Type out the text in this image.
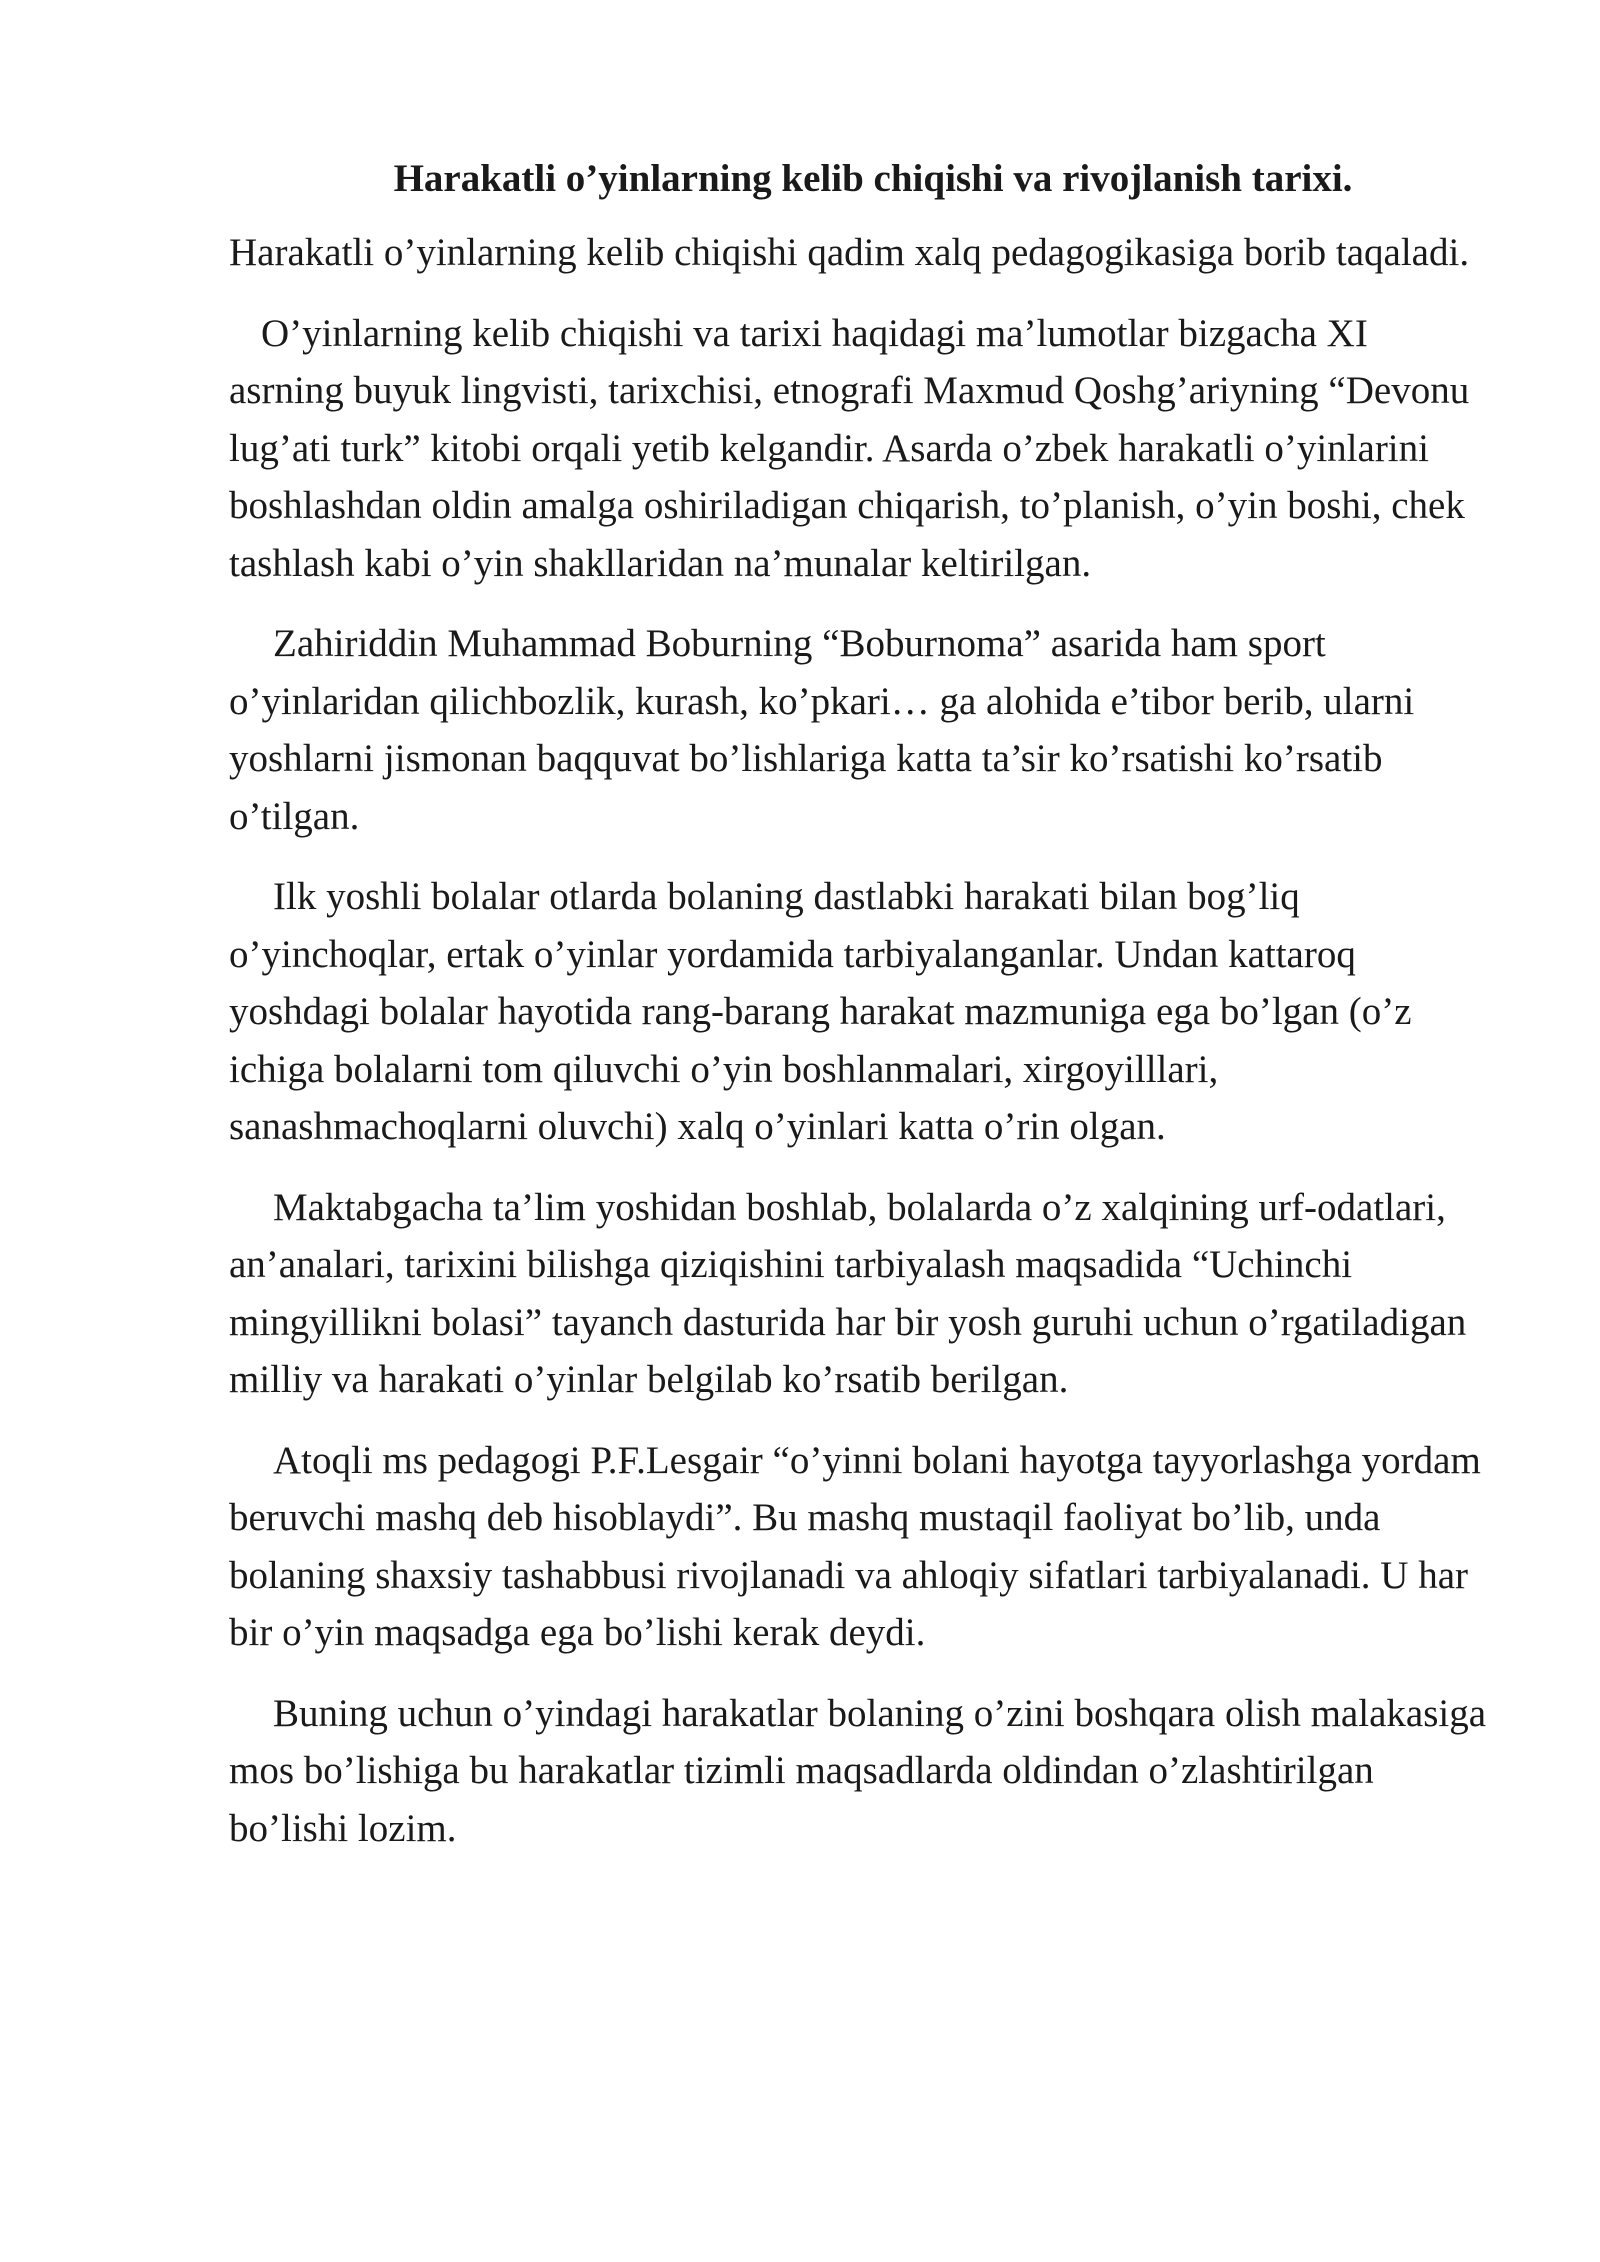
Harakatli o’yinlarning kelib chiqishi va rivojlanish tarixi.

Harakatli o’yinlarning kelib chiqishi qadim xalq pedagogikasiga borib taqaladi.

O’yinlarning kelib chiqishi va tarixi haqidagi ma’lumotlar bizgacha XI asrning buyuk lingvisti, tarixchisi, etnografi Maxmud Qoshg’ariyning “Devonu lug’ati turk” kitobi orqali yetib kelgandir. Asarda o’zbek harakatli o’yinlarini boshlashdan oldin amalga oshiriladigan chiqarish, to’planish, o’yin boshi, chek tashlash kabi o’yin shakllaridan na’munalar keltirilgan.

Zahiriddin Muhammad Boburning “Boburnoma” asarida ham sport o’yinlaridan qilichbozlik, kurash, ko’pkari… ga alohida e’tibor berib, ularni yoshlarni jismonan baqquvat bo’lishlariga katta ta’sir ko’rsatishi ko’rsatib o’tilgan.

Ilk yoshli bolalar otlarda bolaning dastlabki harakati bilan bog’liq o’yinchoqlar, ertak o’yinlar yordamida tarbiyalanganlar. Undan kattaroq yoshdagi bolalar hayotida rang-barang harakat mazmuniga ega bo’lgan (o’z ichiga bolalarni tom qiluvchi o’yin boshlanmalari, xirgoyilllari, sanashmachoqlarni oluvchi) xalq o’yinlari katta o’rin olgan.

Maktabgacha ta’lim yoshidan boshlab, bolalarda o’z xalqining urf-odatlari, an’analari, tarixini bilishga qiziqishini tarbiyalash maqsadida “Uchinchi mingyillikni bolasi” tayanch dasturida har bir yosh guruhi uchun o’rgatiladigan milliy va harakati o’yinlar belgilab ko’rsatib berilgan.

Atoqli ms pedagogi P.F.Lesgair “o’yinni bolani hayotga tayyorlashga yordam beruvchi mashq deb hisoblaydi”. Bu mashq mustaqil faoliyat bo’lib, unda bolaning shaxsiy tashabbusi rivojlanadi va ahloqiy sifatlari tarbiyalanadi. U har bir o’yin maqsadga ega bo’lishi kerak deydi.

Buning uchun o’yindagi harakatlar bolaning o’zini boshqara olish malakasiga mos bo’lishiga bu harakatlar tizimli maqsadlarda oldindan o’zlashtirilgan bo’lishi lozim.
